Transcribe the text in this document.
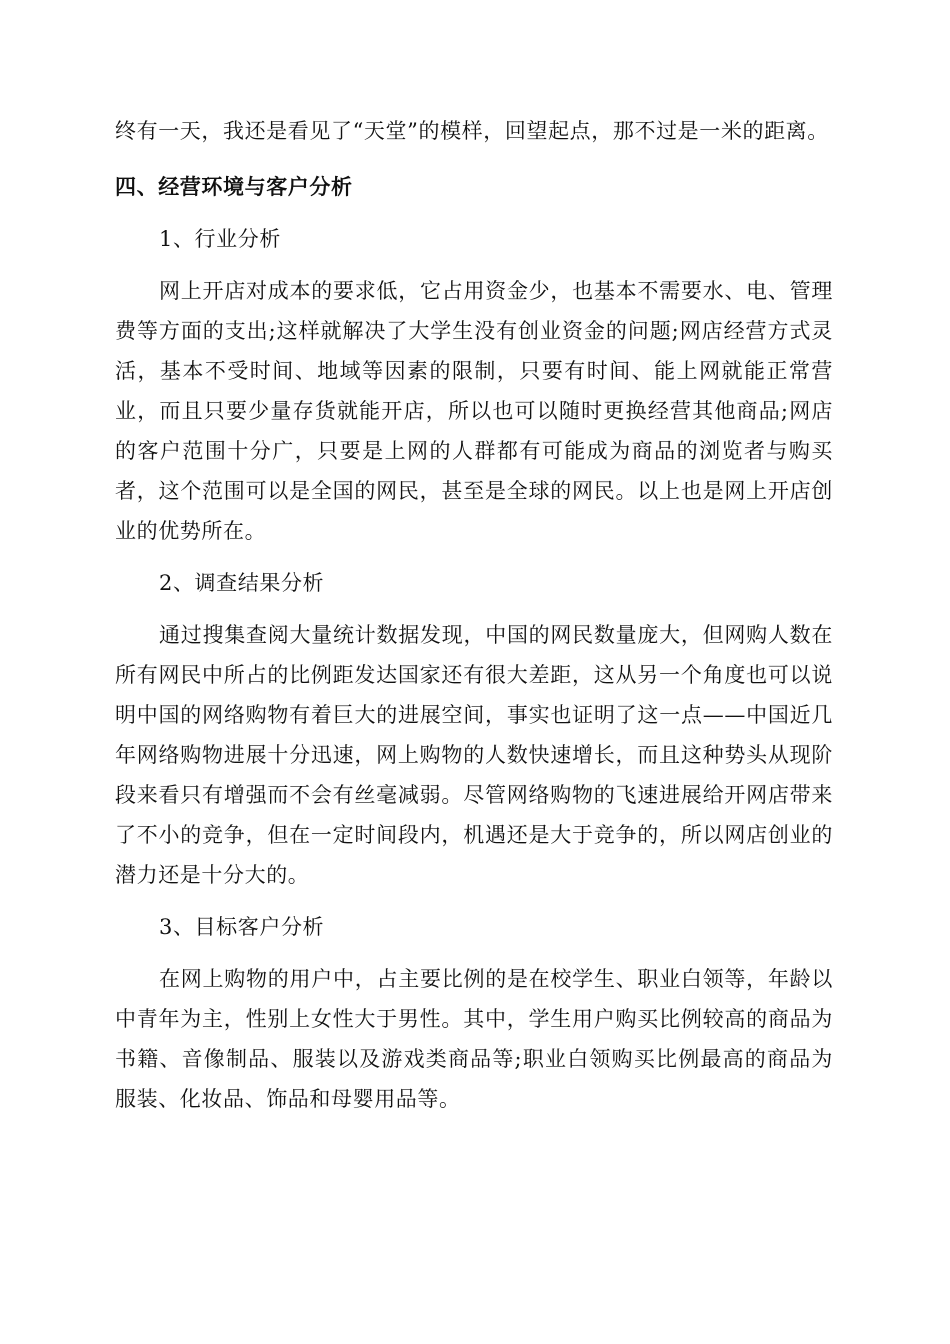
终有一天，我还是看见了“天堂”的模样，回望起点，那不过是一米的距离。

四、经营环境与客户分析
1、行业分析

网上开店对成本的要求低，它占用资金少，也基本不需要水、电、管理费等方面的支出;这样就解决了大学生没有创业资金的问题;网店经营方式灵活，基本不受时间、地域等因素的限制，只要有时间、能上网就能正常营业，而且只要少量存货就能开店，所以也可以随时更换经营其他商品;网店的客户范围十分广，只要是上网的人群都有可能成为商品的浏览者与购买者，这个范围可以是全国的网民，甚至是全球的网民。以上也是网上开店创业的优势所在。

2、调查结果分析

通过搜集查阅大量统计数据发现，中国的网民数量庞大，但网购人数在所有网民中所占的比例距发达国家还有很大差距，这从另一个角度也可以说明中国的网络购物有着巨大的进展空间，事实也证明了这一点——中国近几年网络购物进展十分迅速，网上购物的人数快速增长，而且这种势头从现阶段来看只有增强而不会有丝毫减弱。尽管网络购物的飞速进展给开网店带来了不小的竞争，但在一定时间段内，机遇还是大于竞争的，所以网店创业的潜力还是十分大的。

3、目标客户分析

在网上购物的用户中，占主要比例的是在校学生、职业白领等，年龄以中青年为主，性别上女性大于男性。其中，学生用户购买比例较高的商品为书籍、音像制品、服装以及游戏类商品等;职业白领购买比例最高的商品为服装、化妆品、饰品和母婴用品等。
